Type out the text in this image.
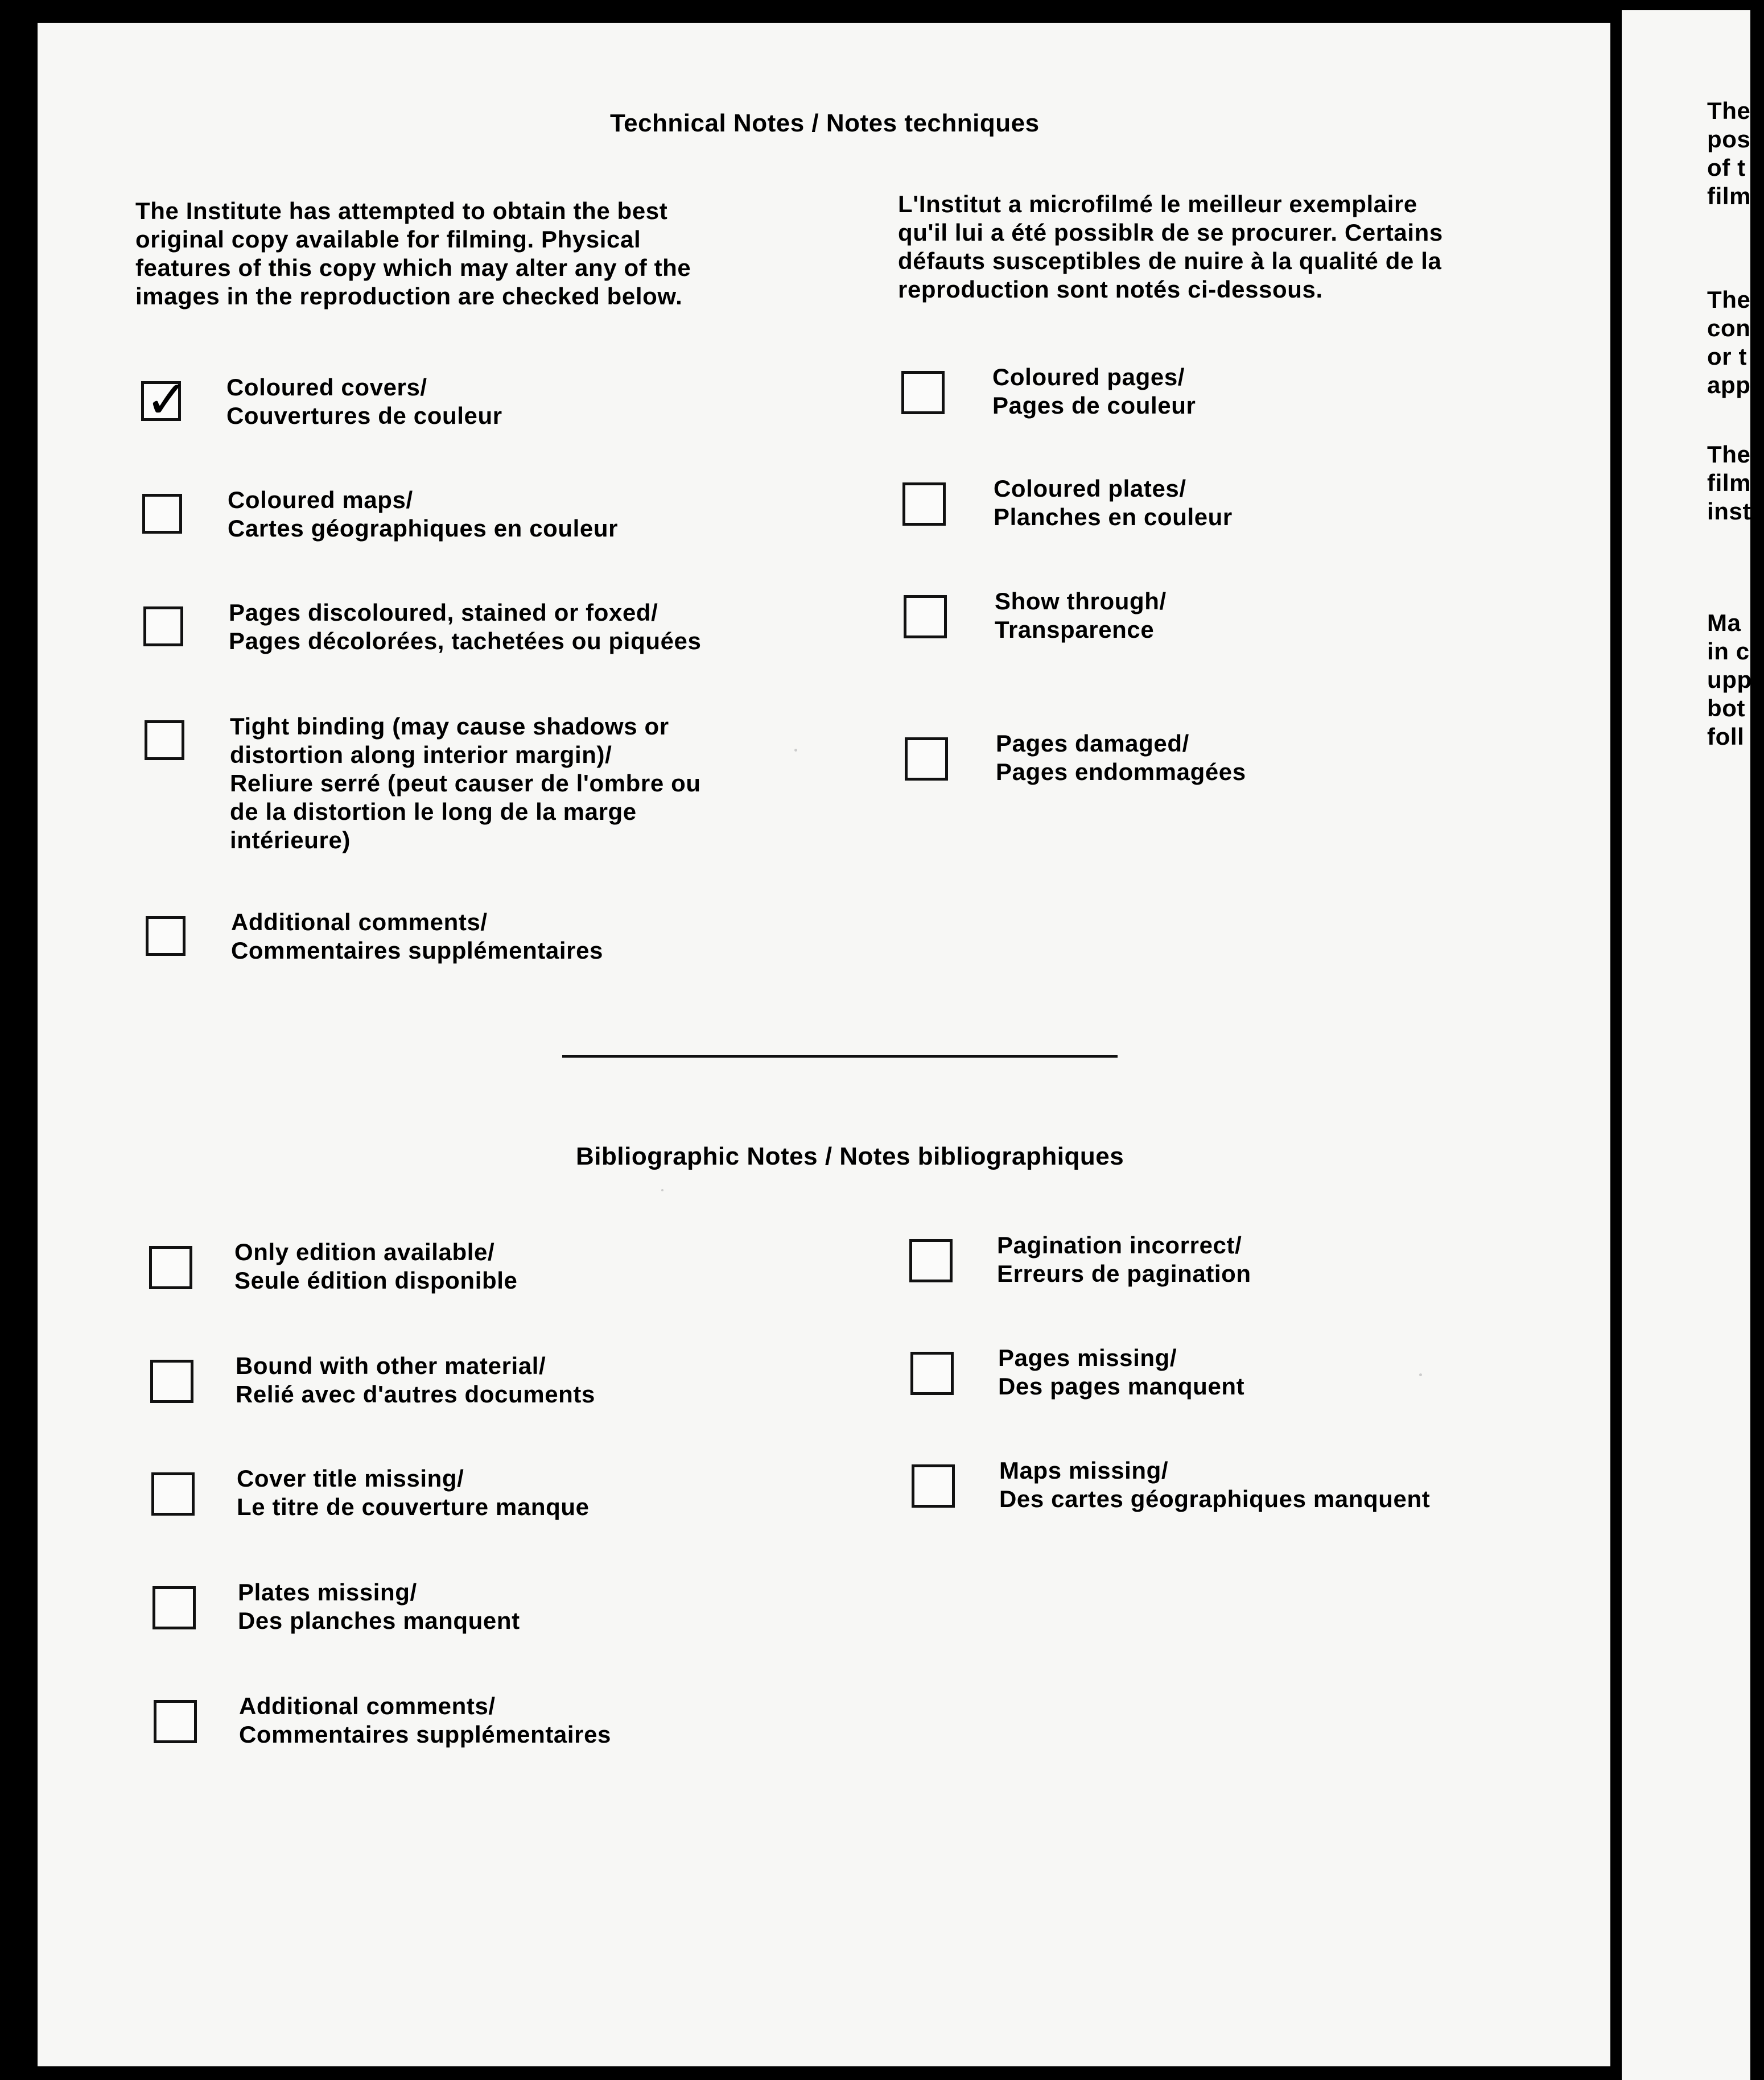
Technical Notes / Notes techniques
The Institute has attempted to obtain the best
original copy available for filming. Physical
features of this copy which may alter any of the
images in the reproduction are checked below.
L'Institut a microfilmé le meilleur exemplaire
qu'il lui a été possiblʀ de se procurer. Certains
défauts susceptibles de nuire à la qualité de la
reproduction sont notés ci-dessous.
✓ Coloured covers/
Couvertures de couleur
Coloured maps/
Cartes géographiques en couleur
Pages discoloured, stained or foxed/
Pages décolorées, tachetées ou piquées
Tight binding (may cause shadows or
distortion along interior margin)/
Reliure serré (peut causer de l'ombre ou
de la distortion le long de la marge
intérieure)
Additional comments/
Commentaires supplémentaires
Coloured pages/
Pages de couleur
Coloured plates/
Planches en couleur
Show through/
Transparence
Pages damaged/
Pages endommagées
Bibliographic Notes / Notes bibliographiques
Only edition available/
Seule édition disponible
Bound with other material/
Relié avec d'autres documents
Cover title missing/
Le titre de couverture manque
Plates missing/
Des planches manquent
Additional comments/
Commentaires supplémentaires
Pagination incorrect/
Erreurs de pagination
Pages missing/
Des pages manquent
Maps missing/
Des cartes géographiques manquent
The
poss
of t
film
The
con
or t
app
The
film
inst
Ma
in c
upp
bot
foll
